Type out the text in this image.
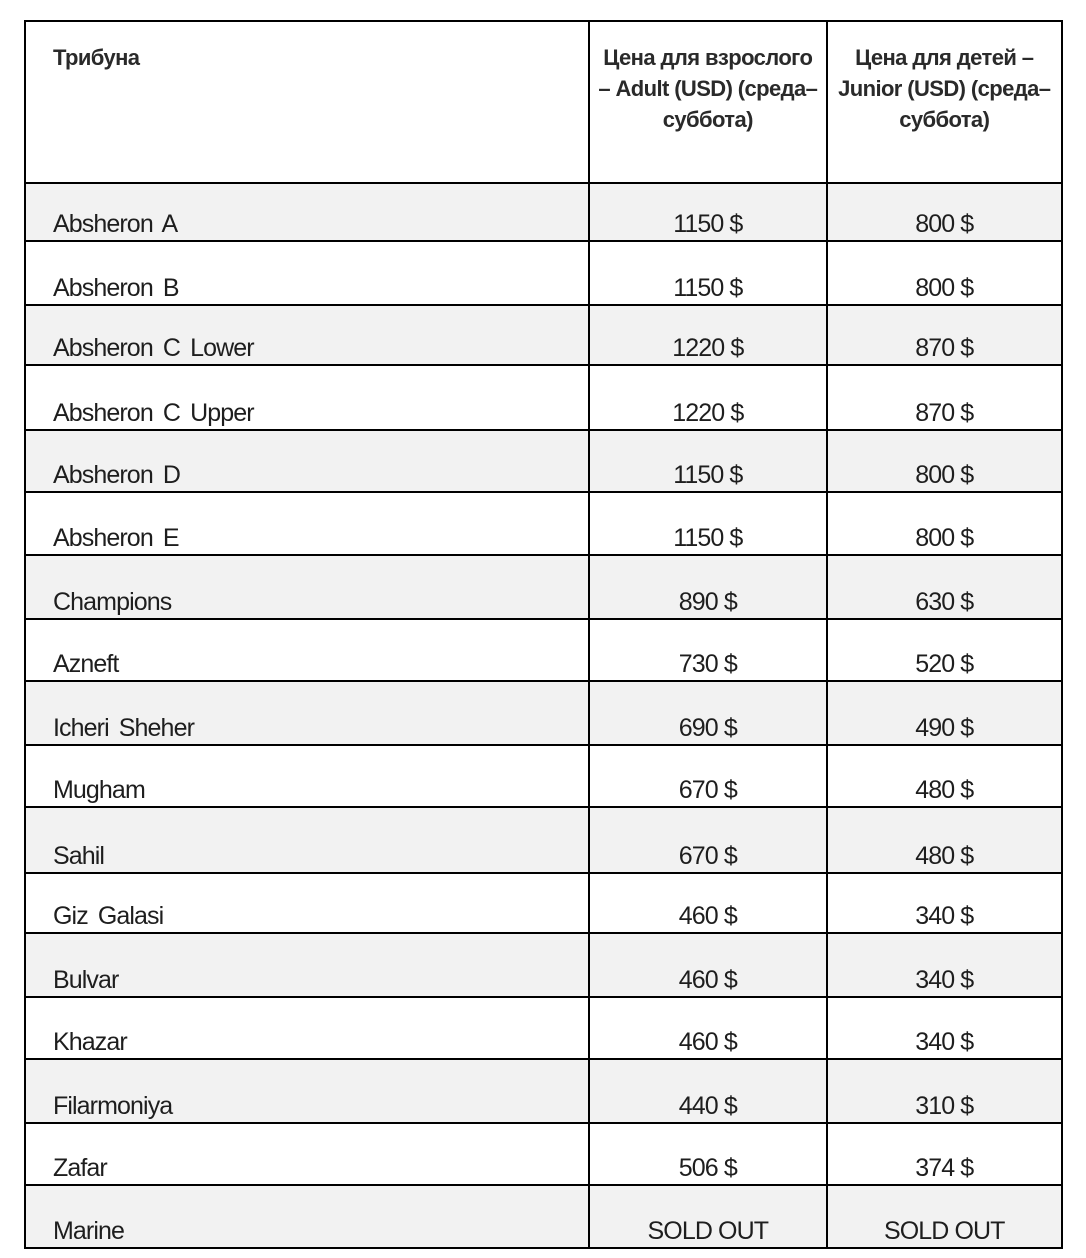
Трибуна	Цена для взрослого – Adult (USD) (среда–суббота)	Цена для детей – Junior (USD) (среда–суббота)
Absheron A	1150 $	800 $
Absheron B	1150 $	800 $
Absheron C Lower	1220 $	870 $
Absheron C Upper	1220 $	870 $
Absheron D	1150 $	800 $
Absheron E	1150 $	800 $
Champions	890 $	630 $
Azneft	730 $	520 $
Icheri Sheher	690 $	490 $
Mugham	670 $	480 $
Sahil	670 $	480 $
Giz Galasi	460 $	340 $
Bulvar	460 $	340 $
Khazar	460 $	340 $
Filarmoniya	440 $	310 $
Zafar	506 $	374 $
Marine	SOLD OUT	SOLD OUT
